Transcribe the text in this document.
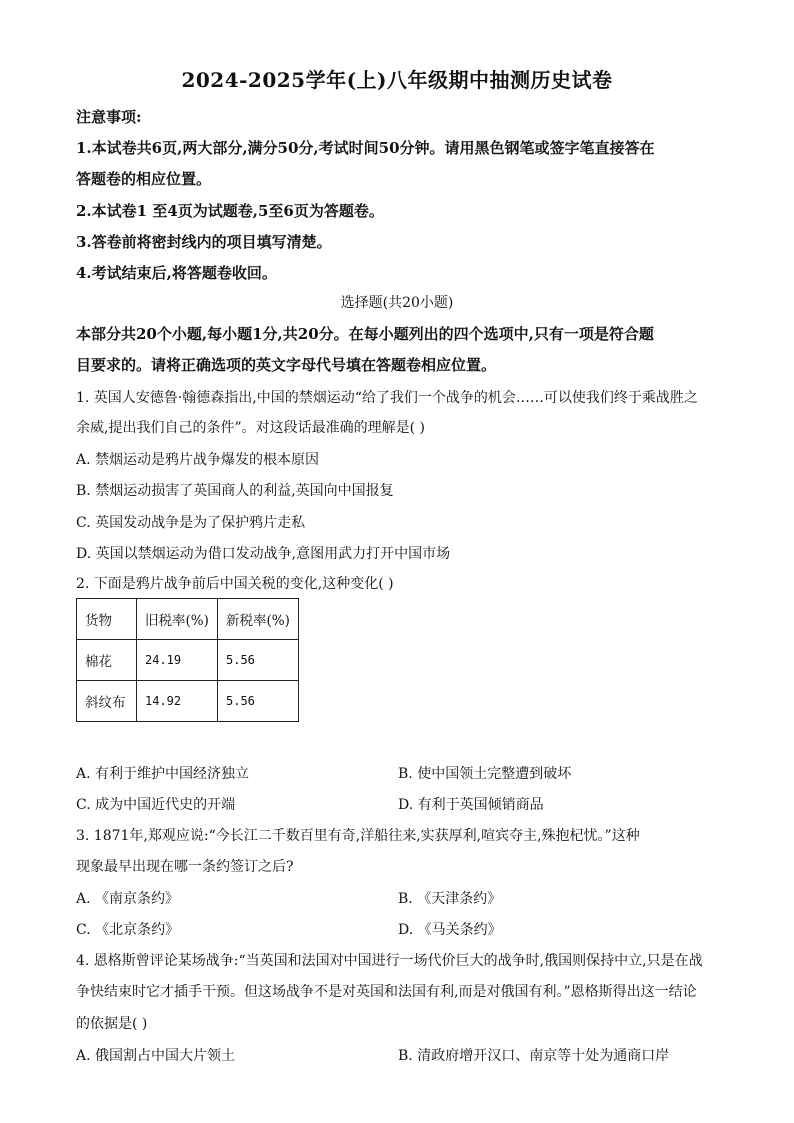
2024-2025学年(上)八年级期中抽测历史试卷
注意事项:
1.本试卷共6页,两大部分,满分50分,考试时间50分钟。请用黑色钢笔或签字笔直接答在
答题卷的相应位置。
2.本试卷1 至4页为试题卷,5至6页为答题卷。
3.答卷前将密封线内的项目填写清楚。
4.考试结束后,将答题卷收回。
选择题(共20小题)
本部分共20个小题,每小题1分,共20分。在每小题列出的四个选项中,只有一项是符合题
目要求的。请将正确选项的英文字母代号填在答题卷相应位置。
1. 英国人安德鲁·翰德森指出,中国的禁烟运动“给了我们一个战争的机会……可以使我们终于乘战胜之
余威,提出我们自己的条件”。对这段话最准确的理解是( )
A. 禁烟运动是鸦片战争爆发的根本原因
B. 禁烟运动损害了英国商人的利益,英国向中国报复
C. 英国发动战争是为了保护鸦片走私
D. 英国以禁烟运动为借口发动战争,意图用武力打开中国市场
2. 下面是鸦片战争前后中国关税的变化,这种变化( )
货物	旧税率(%)	新税率(%)
棉花	24.19	5.56
斜纹布	14.92	5.56
A. 有利于维护中国经济独立	B. 使中国领土完整遭到破坏
C. 成为中国近代史的开端	D. 有利于英国倾销商品
3. 1871年,郑观应说:“今长江二千数百里有奇,洋船往来,实获厚利,喧宾夺主,殊抱杞忧。”这种
现象最早出现在哪一条约签订之后?
A. 《南京条约》	B. 《天津条约》
C. 《北京条约》	D. 《马关条约》
4. 恩格斯曾评论某场战争:“当英国和法国对中国进行一场代价巨大的战争时,俄国则保持中立,只是在战
争快结束时它才插手干预。但这场战争不是对英国和法国有利,而是对俄国有利。”恩格斯得出这一结论
的依据是( )
A. 俄国割占中国大片领土	B. 清政府增开汉口、南京等十处为通商口岸
